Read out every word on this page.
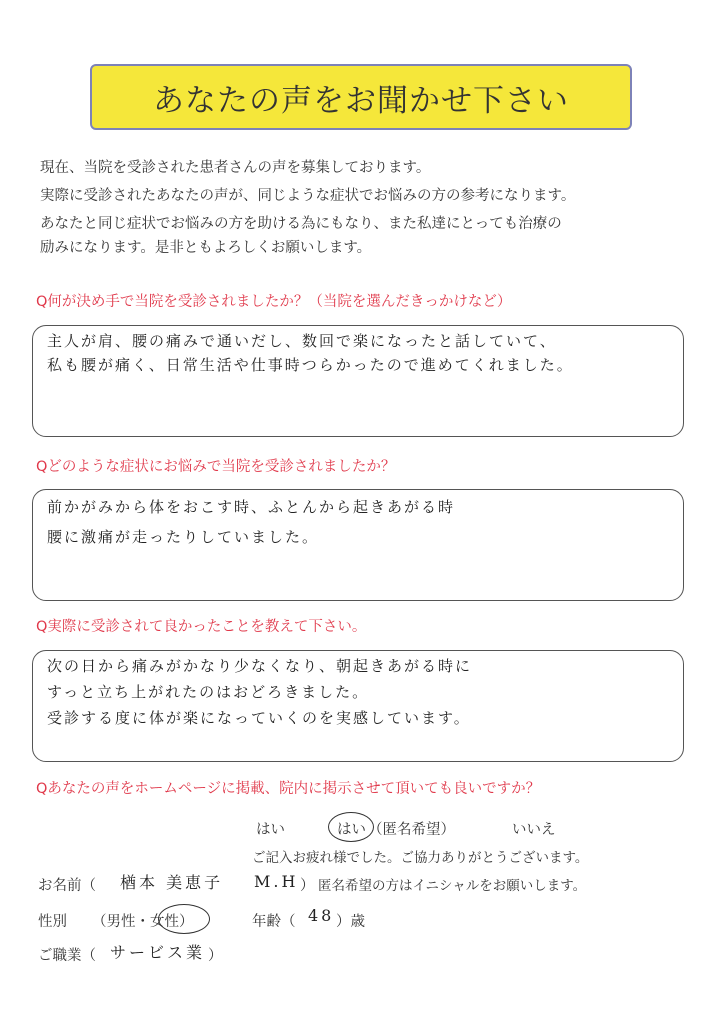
あなたの声をお聞かせ下さい
現在、当院を受診された患者さんの声を募集しております。
実際に受診されたあなたの声が、同じような症状でお悩みの方の参考になります。
あなたと同じ症状でお悩みの方を助ける為にもなり、また私達にとっても治療の
励みになります。是非ともよろしくお願いします。
Q何が決め手で当院を受診されましたか？（当院を選んだきっかけなど）
主人が肩、腰の痛みで通いだし、数回で楽になったと話していて、
私も腰が痛く、日常生活や仕事時つらかったので進めてくれました。
Qどのような症状にお悩みで当院を受診されましたか？
前かがみから体をおこす時、ふとんから起きあがる時
腰に激痛が走ったりしていました。
Q実際に受診されて良かったことを教えて下さい。
次の日から痛みがかなり少なくなり、朝起きあがる時に
すっと立ち上がれたのはおどろきました。
受診する度に体が楽になっていくのを実感しています。
Qあなたの声をホームページに掲載、院内に掲示させて頂いても良いですか？
はい	はい （匿名希望）	いいえ
ご記入お疲れ様でした。ご協力ありがとうございます。
お名前（ 楢本 美恵子 M.H ） 匿名希望の方はイニシャルをお願いします。
性別 （男性・女性）	年齢（ 48 ）歳
ご職業（ サービス業 ）
